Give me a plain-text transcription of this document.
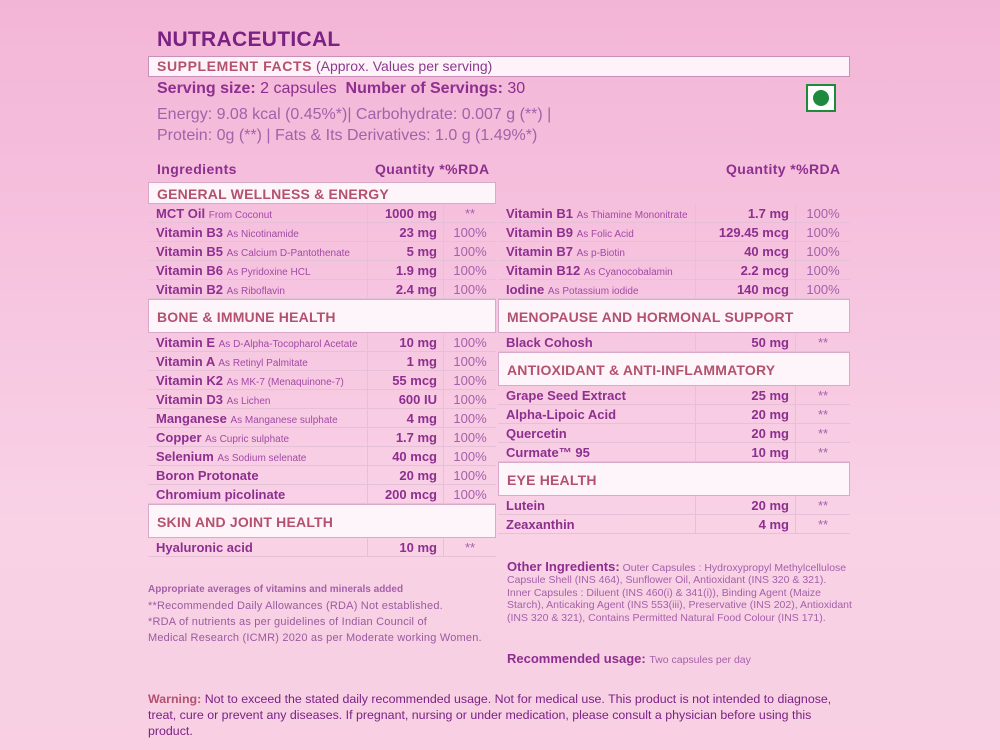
NUTRACEUTICAL
SUPPLEMENT FACTS (Approx. Values per serving)
Serving size: 2 capsules Number of Servings: 30
Energy: 9.08 kcal (0.45%*)| Carbohydrate: 0.007 g (**) |
Protein: 0g (**) | Fats & Its Derivatives: 1.0 g (1.49%*)
Ingredients	Quantity *%RDA	Quantity *%RDA
GENERAL WELLNESS & ENERGY
MCT Oil From Coconut	1000 mg	**
Vitamin B3 As Nicotinamide	23 mg	100%
Vitamin B5 As Calcium D-Pantothenate	5 mg	100%
Vitamin B6 As Pyridoxine HCL	1.9 mg	100%
Vitamin B2 As Riboflavin	2.4 mg	100%
BONE & IMMUNE HEALTH
Vitamin E As D-Alpha-Tocopharol Acetate	10 mg	100%
Vitamin A As Retinyl Palmitate	1 mg	100%
Vitamin K2 As MK-7 (Menaquinone-7)	55 mcg	100%
Vitamin D3 As Lichen	600 IU	100%
Manganese As Manganese sulphate	4 mg	100%
Copper As Cupric sulphate	1.7 mg	100%
Selenium As Sodium selenate	40 mcg	100%
Boron Protonate	20 mg	100%
Chromium picolinate	200 mcg	100%
SKIN AND JOINT HEALTH
Hyaluronic acid	10 mg	**
Vitamin B1 As Thiamine Mononitrate	1.7 mg	100%
Vitamin B9 As Folic Acid	129.45 mcg	100%
Vitamin B7 As p-Biotin	40 mcg	100%
Vitamin B12 As Cyanocobalamin	2.2 mcg	100%
Iodine As Potassium iodide	140 mcg	100%
MENOPAUSE AND HORMONAL SUPPORT
Black Cohosh	50 mg	**
ANTIOXIDANT & ANTI-INFLAMMATORY
Grape Seed Extract	25 mg	**
Alpha-Lipoic Acid	20 mg	**
Quercetin	20 mg	**
Curmate™ 95	10 mg	**
EYE HEALTH
Lutein	20 mg	**
Zeaxanthin	4 mg	**
Appropriate averages of vitamins and minerals added
**Recommended Daily Allowances (RDA) Not established.
*RDA of nutrients as per guidelines of Indian Council of
Medical Research (ICMR) 2020 as per Moderate working Women.
Other Ingredients: Outer Capsules : Hydroxypropyl Methylcellulose Capsule Shell (INS 464), Sunflower Oil, Antioxidant (INS 320 & 321). Inner Capsules : Diluent (INS 460(i) & 341(i)), Binding Agent (Maize Starch), Anticaking Agent (INS 553(iii), Preservative (INS 202), Antioxidant (INS 320 & 321), Contains Permitted Natural Food Colour (INS 171).
Recommended usage: Two capsules per day
Warning: Not to exceed the stated daily recommended usage. Not for medical use. This product is not intended to diagnose, treat, cure or prevent any diseases. If pregnant, nursing or under medication, please consult a physician before using this product.
